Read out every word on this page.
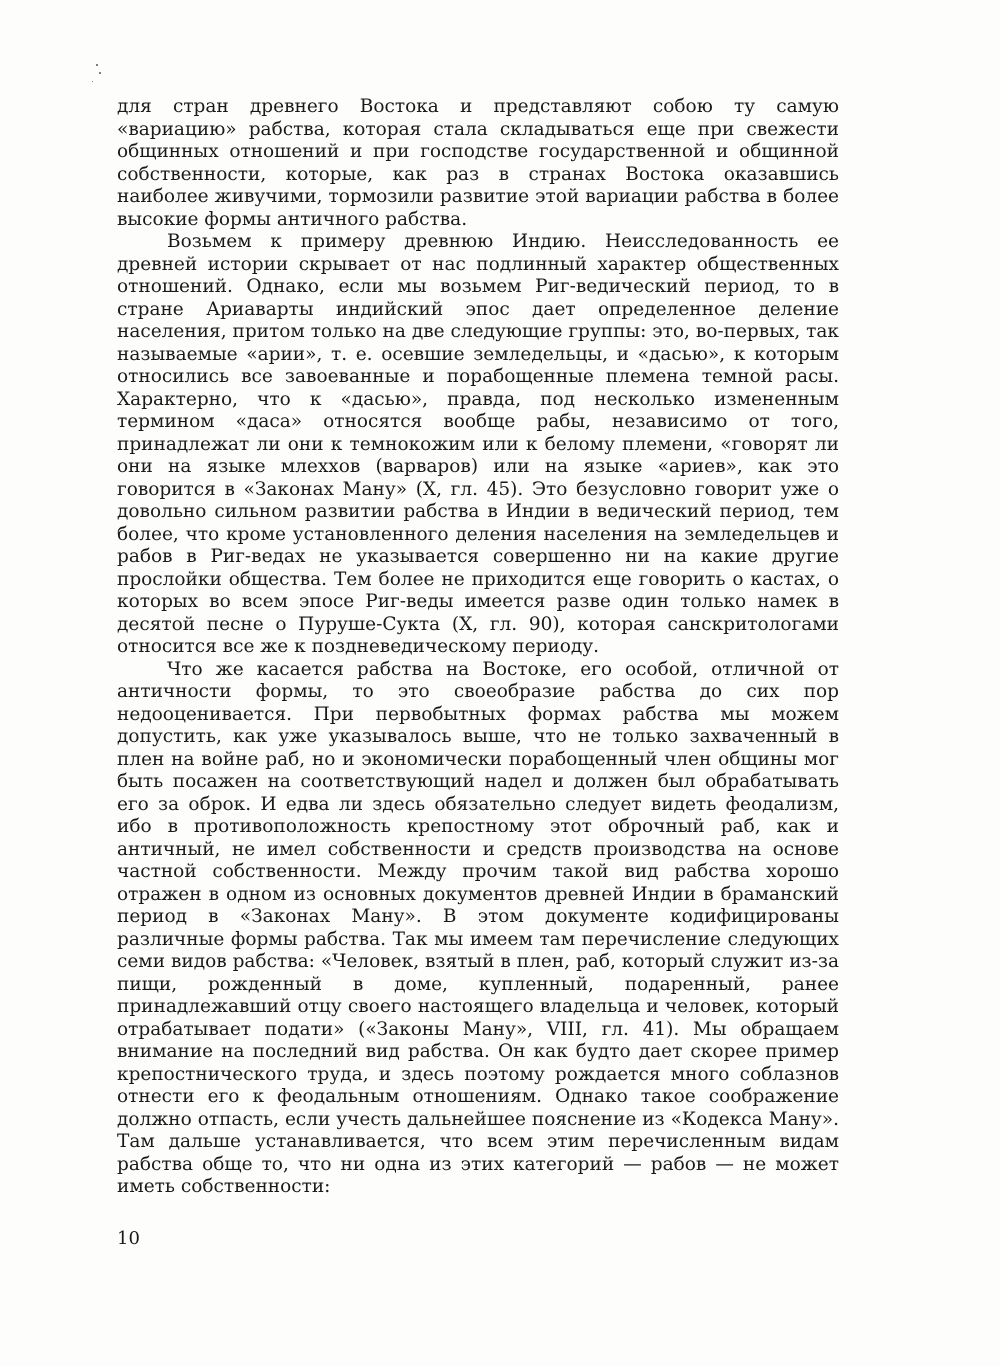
для стран древнего Востока и представляют собою ту самую «вариацию» рабства, которая стала складываться еще при свежести общинных отношений и при господстве государственной и общинной собственности, которые, как раз в странах Востока оказавшись наиболее живучими, тормозили развитие этой вариации рабства в более высокие формы античного рабства.

Возьмем к примеру древнюю Индию. Неисследованность ее древней истории скрывает от нас подлинный характер общественных отношений. Однако, если мы возьмем Риг-ведический период, то в стране Ариаварты индийский эпос дает определенное деление населения, притом только на две следующие группы: это, во-первых, так называемые «арии», т. е. осевшие земледельцы, и «дасью», к которым относились все завоеванные и порабощенные племена темной расы. Характерно, что к «дасью», правда, под несколько измененным термином «даса» относятся вообще рабы, независимо от того, принадлежат ли они к темнокожим или к белому племени, «говорят ли они на языке млеххов (варваров) или на языке «ариев», как это говорится в «Законах Ману» (X, гл. 45). Это безусловно говорит уже о довольно сильном развитии рабства в Индии в ведический период, тем более, что кроме установленного деления населения на земледельцев и рабов в Риг-ведах не указывается совершенно ни на какие другие прослойки общества. Тем более не приходится еще говорить о кастах, о которых во всем эпосе Риг-веды имеется разве один только намек в десятой песне о Пуруше-Сукта (X, гл. 90), которая санскритологами относится все же к поздневедическому периоду.

Что же касается рабства на Востоке, его особой, отличной от античности формы, то это своеобразие рабства до сих пор недооценивается. При первобытных формах рабства мы можем допустить, как уже указывалось выше, что не только захваченный в плен на войне раб, но и экономически порабощенный член общины мог быть посажен на соответствующий надел и должен был обрабатывать его за оброк. И едва ли здесь обязательно следует видеть феодализм, ибо в противоположность крепостному этот оброчный раб, как и античный, не имел собственности и средств производства на основе частной собственности. Между прочим такой вид рабства хорошо отражен в одном из основных документов древней Индии в браманский период в «Законах Ману». В этом документе кодифицированы различные формы рабства. Так мы имеем там перечисление следующих семи видов рабства: «Человек, взятый в плен, раб, который служит из-за пищи, рожденный в доме, купленный, подаренный, ранее принадлежавший отцу своего настоящего владельца и человек, который отрабатывает подати» («Законы Ману», VIII, гл. 41). Мы обращаем внимание на последний вид рабства. Он как будто дает скорее пример крепостнического труда, и здесь поэтому рождается много соблазнов отнести его к феодальным отношениям. Однако такое соображение должно отпасть, если учесть дальнейшее пояснение из «Кодекса Ману». Там дальше устанавливается, что всем этим перечисленным видам рабства обще то, что ни одна из этих категорий — рабов — не может иметь собственности:

10
